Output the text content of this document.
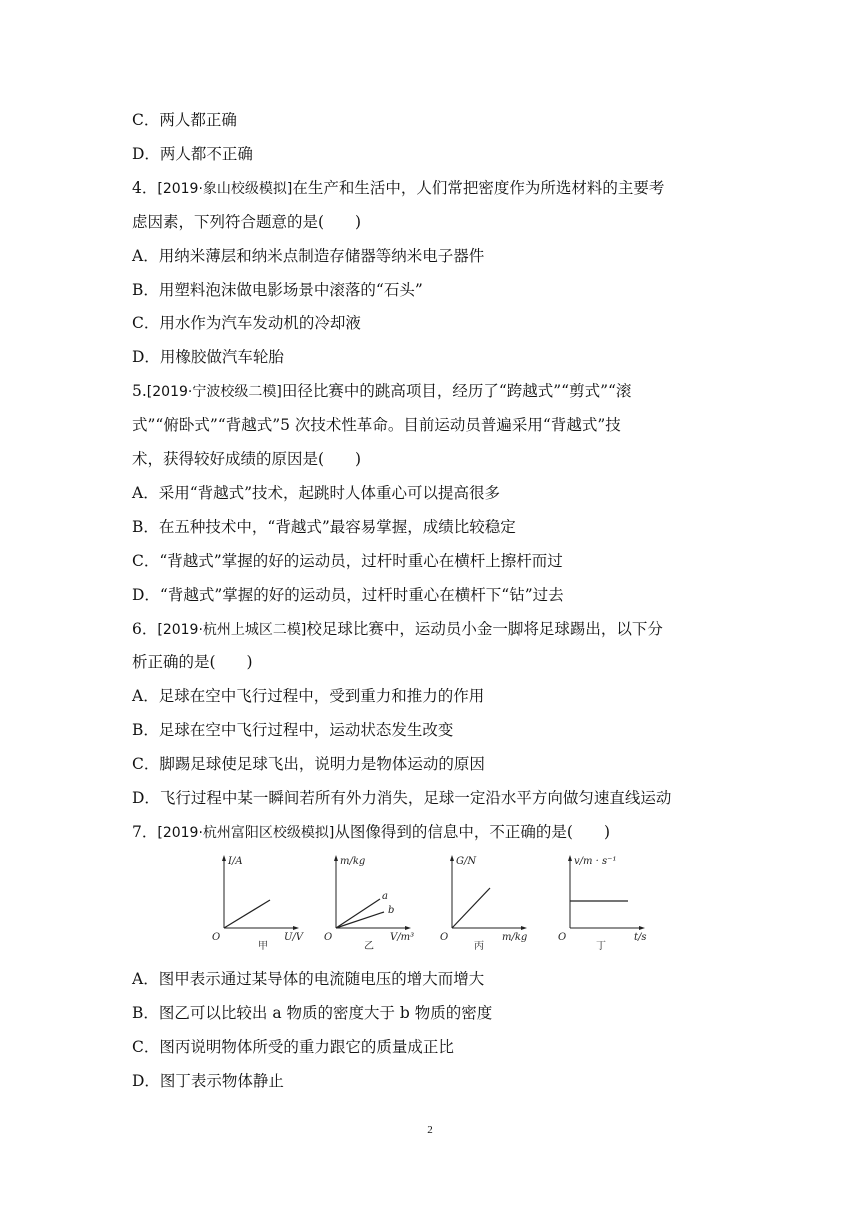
C．两人都正确
D．两人都不正确
4．[2019·象山校级模拟]在生产和生活中，人们常把密度作为所选材料的主要考
虑因素，下列符合题意的是(　　)
A．用纳米薄层和纳米点制造存储器等纳米电子器件
B．用塑料泡沫做电影场景中滚落的“石头”
C．用水作为汽车发动机的冷却液
D．用橡胶做汽车轮胎
5.[2019·宁波校级二模]田径比赛中的跳高项目，经历了“跨越式”“剪式”“滚
式”“俯卧式”“背越式”5 次技术性革命。目前运动员普遍采用“背越式”技
术，获得较好成绩的原因是(　　)
A．采用“背越式”技术，起跳时人体重心可以提高很多
B．在五种技术中，“背越式”最容易掌握，成绩比较稳定
C．“背越式”掌握的好的运动员，过杆时重心在横杆上擦杆而过
D．“背越式”掌握的好的运动员，过杆时重心在横杆下“钻”过去
6．[2019·杭州上城区二模]校足球比赛中，运动员小金一脚将足球踢出，以下分
析正确的是(　　)
A．足球在空中飞行过程中，受到重力和推力的作用
B．足球在空中飞行过程中，运动状态发生改变
C．脚踢足球使足球飞出，说明力是物体运动的原因
D．飞行过程中某一瞬间若所有外力消失，足球一定沿水平方向做匀速直线运动
7．[2019·杭州富阳区校级模拟]从图像得到的信息中，不正确的是(　　)
A．图甲表示通过某导体的电流随电压的增大而增大
B．图乙可以比较出 a 物质的密度大于 b 物质的密度
C．图丙说明物体所受的重力跟它的质量成正比
D．图丁表示物体静止
I/A
U/V
O
甲
a
b
m/kg
V/m³
O
乙
G/N
m/kg
O
丙
v/m · s⁻¹
t/s
O
丁
2
